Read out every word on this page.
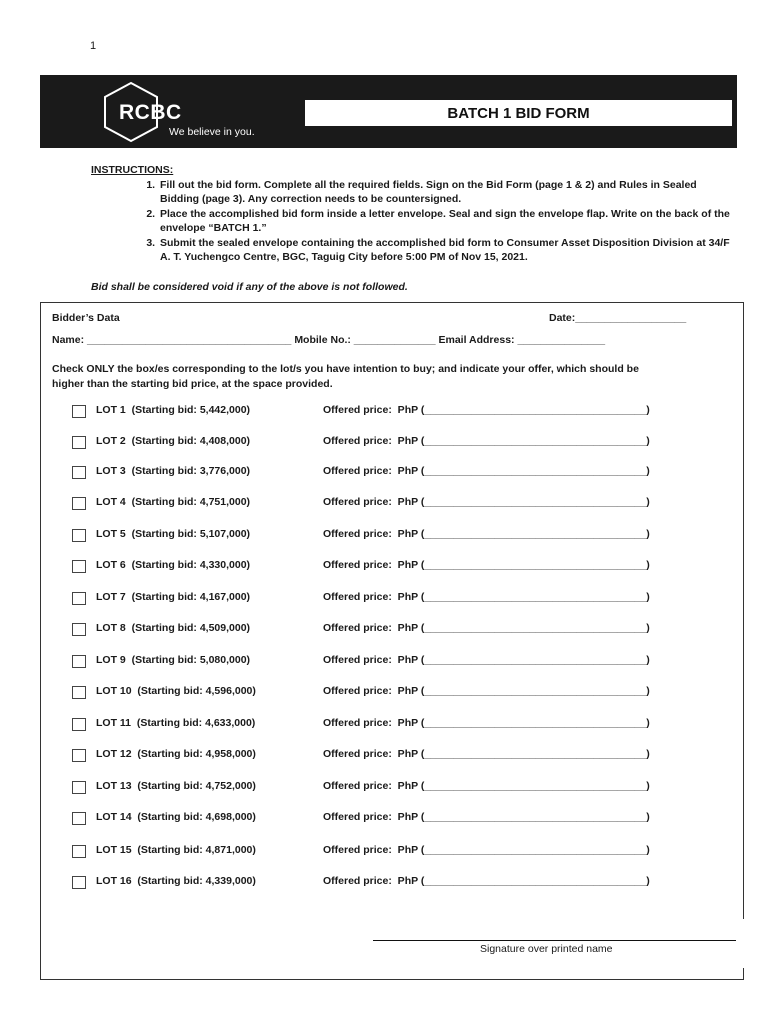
1
RCBC
We believe in you.
BATCH 1 BID FORM
INSTRUCTIONS:
1. Fill out the bid form. Complete all the required fields. Sign on the Bid Form (page 1 & 2) and Rules in Sealed Bidding (page 3). Any correction needs to be countersigned.
2. Place the accomplished bid form inside a letter envelope. Seal and sign the envelope flap. Write on the back of the envelope “BATCH 1.”
3. Submit the sealed envelope containing the accomplished bid form to Consumer Asset Disposition Division at 34/F A. T. Yuchengco Centre, BGC, Taguig City before 5:00 PM of Nov 15, 2021.
Bid shall be considered void if any of the above is not followed.
Bidder’s Data	Date:___________________
Name: ___________________________________ Mobile No.: ______________ Email Address: _______________
Check ONLY the box/es corresponding to the lot/s you have intention to buy; and indicate your offer, which should be
higher than the starting bid price, at the space provided.
LOT 1  (Starting bid: 5,442,000)	Offered price:  PhP (______________________________________)
LOT 2  (Starting bid: 4,408,000)	Offered price:  PhP (______________________________________)
LOT 3  (Starting bid: 3,776,000)	Offered price:  PhP (______________________________________)
LOT 4  (Starting bid: 4,751,000)	Offered price:  PhP (______________________________________)
LOT 5  (Starting bid: 5,107,000)	Offered price:  PhP (______________________________________)
LOT 6  (Starting bid: 4,330,000)	Offered price:  PhP (______________________________________)
LOT 7  (Starting bid: 4,167,000)	Offered price:  PhP (______________________________________)
LOT 8  (Starting bid: 4,509,000)	Offered price:  PhP (______________________________________)
LOT 9  (Starting bid: 5,080,000)	Offered price:  PhP (______________________________________)
LOT 10  (Starting bid: 4,596,000)	Offered price:  PhP (______________________________________)
LOT 11  (Starting bid: 4,633,000)	Offered price:  PhP (______________________________________)
LOT 12  (Starting bid: 4,958,000)	Offered price:  PhP (______________________________________)
LOT 13  (Starting bid: 4,752,000)	Offered price:  PhP (______________________________________)
LOT 14  (Starting bid: 4,698,000)	Offered price:  PhP (______________________________________)
LOT 15  (Starting bid: 4,871,000)	Offered price:  PhP (______________________________________)
LOT 16  (Starting bid: 4,339,000)	Offered price:  PhP (______________________________________)
Signature over printed name
